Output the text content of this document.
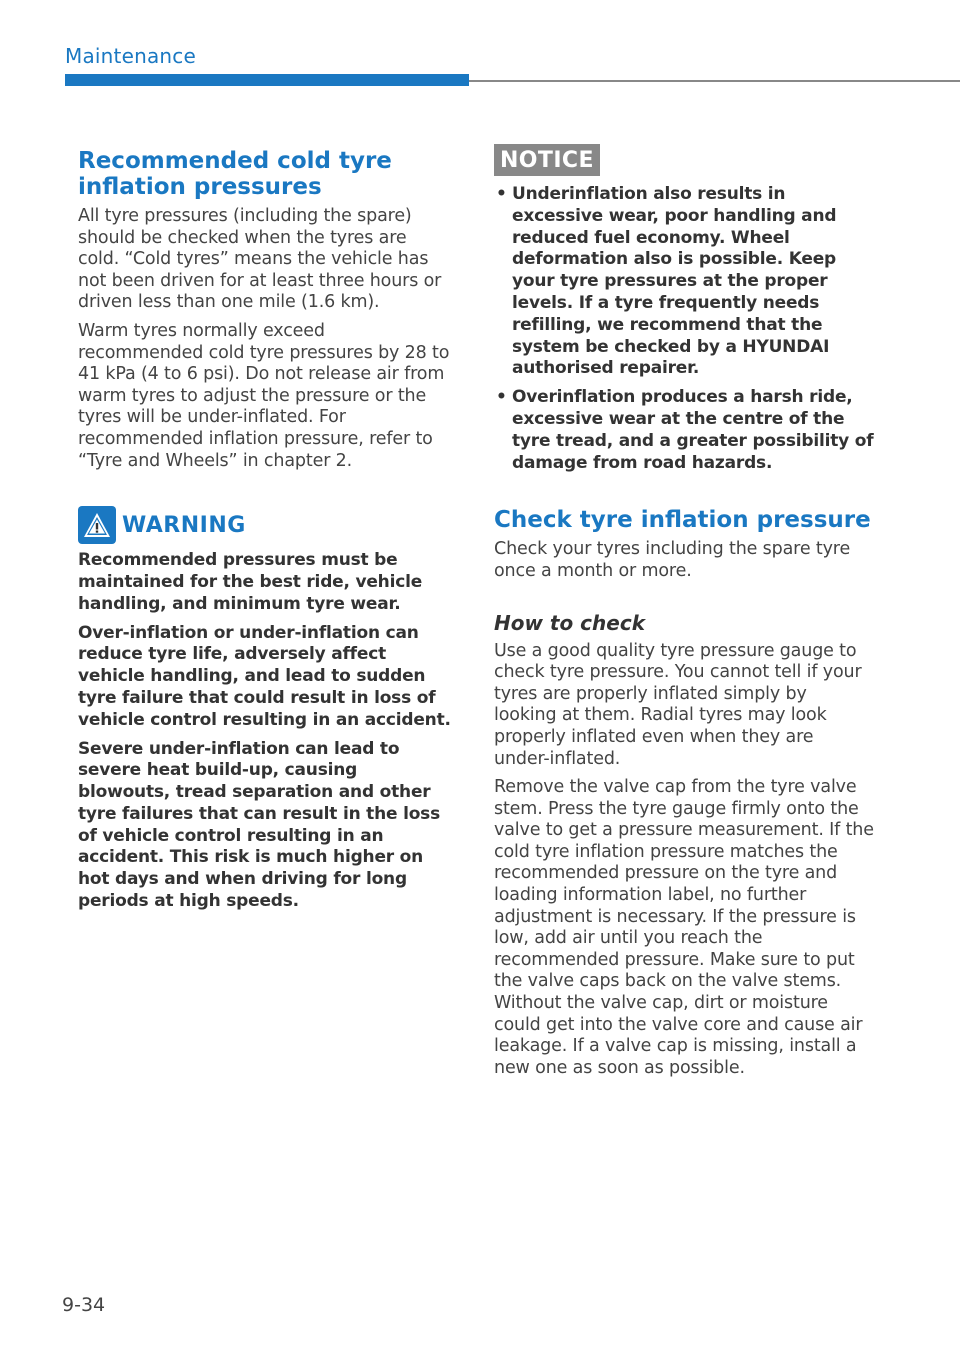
Maintenance
Recommended cold tyre inflation pressures

All tyre pressures (including the spare) should be checked when the tyres are cold. “Cold tyres” means the vehicle has not been driven for at least three hours or driven less than one mile (1.6 km).

Warm tyres normally exceed recommended cold tyre pressures by 28 to 41 kPa (4 to 6 psi). Do not release air from warm tyres to adjust the pressure or the tyres will be under-inflated. For recommended inflation pressure, refer to “Tyre and Wheels” in chapter 2.

WARNING

Recommended pressures must be maintained for the best ride, vehicle handling, and minimum tyre wear.

Over-inflation or under-inflation can reduce tyre life, adversely affect vehicle handling, and lead to sudden tyre failure that could result in loss of vehicle control resulting in an accident.

Severe under-inflation can lead to severe heat build-up, causing blowouts, tread separation and other tyre failures that can result in the loss of vehicle control resulting in an accident. This risk is much higher on hot days and when driving for long periods at high speeds.

NOTICE
• Underinflation also results in excessive wear, poor handling and reduced fuel economy. Wheel deformation also is possible. Keep your tyre pressures at the proper levels. If a tyre frequently needs refilling, we recommend that the system be checked by a HYUNDAI authorised repairer.
• Overinflation produces a harsh ride, excessive wear at the centre of the tyre tread, and a greater possibility of damage from road hazards.
Check tyre inflation pressure

Check your tyres including the spare tyre once a month or more.

How to check

Use a good quality tyre pressure gauge to check tyre pressure. You cannot tell if your tyres are properly inflated simply by looking at them. Radial tyres may look properly inflated even when they are under-inflated.

Remove the valve cap from the tyre valve stem. Press the tyre gauge firmly onto the valve to get a pressure measurement. If the cold tyre inflation pressure matches the recommended pressure on the tyre and loading information label, no further adjustment is necessary. If the pressure is low, add air until you reach the recommended pressure. Make sure to put the valve caps back on the valve stems. Without the valve cap, dirt or moisture could get into the valve core and cause air leakage. If a valve cap is missing, install a new one as soon as possible.

9-34
